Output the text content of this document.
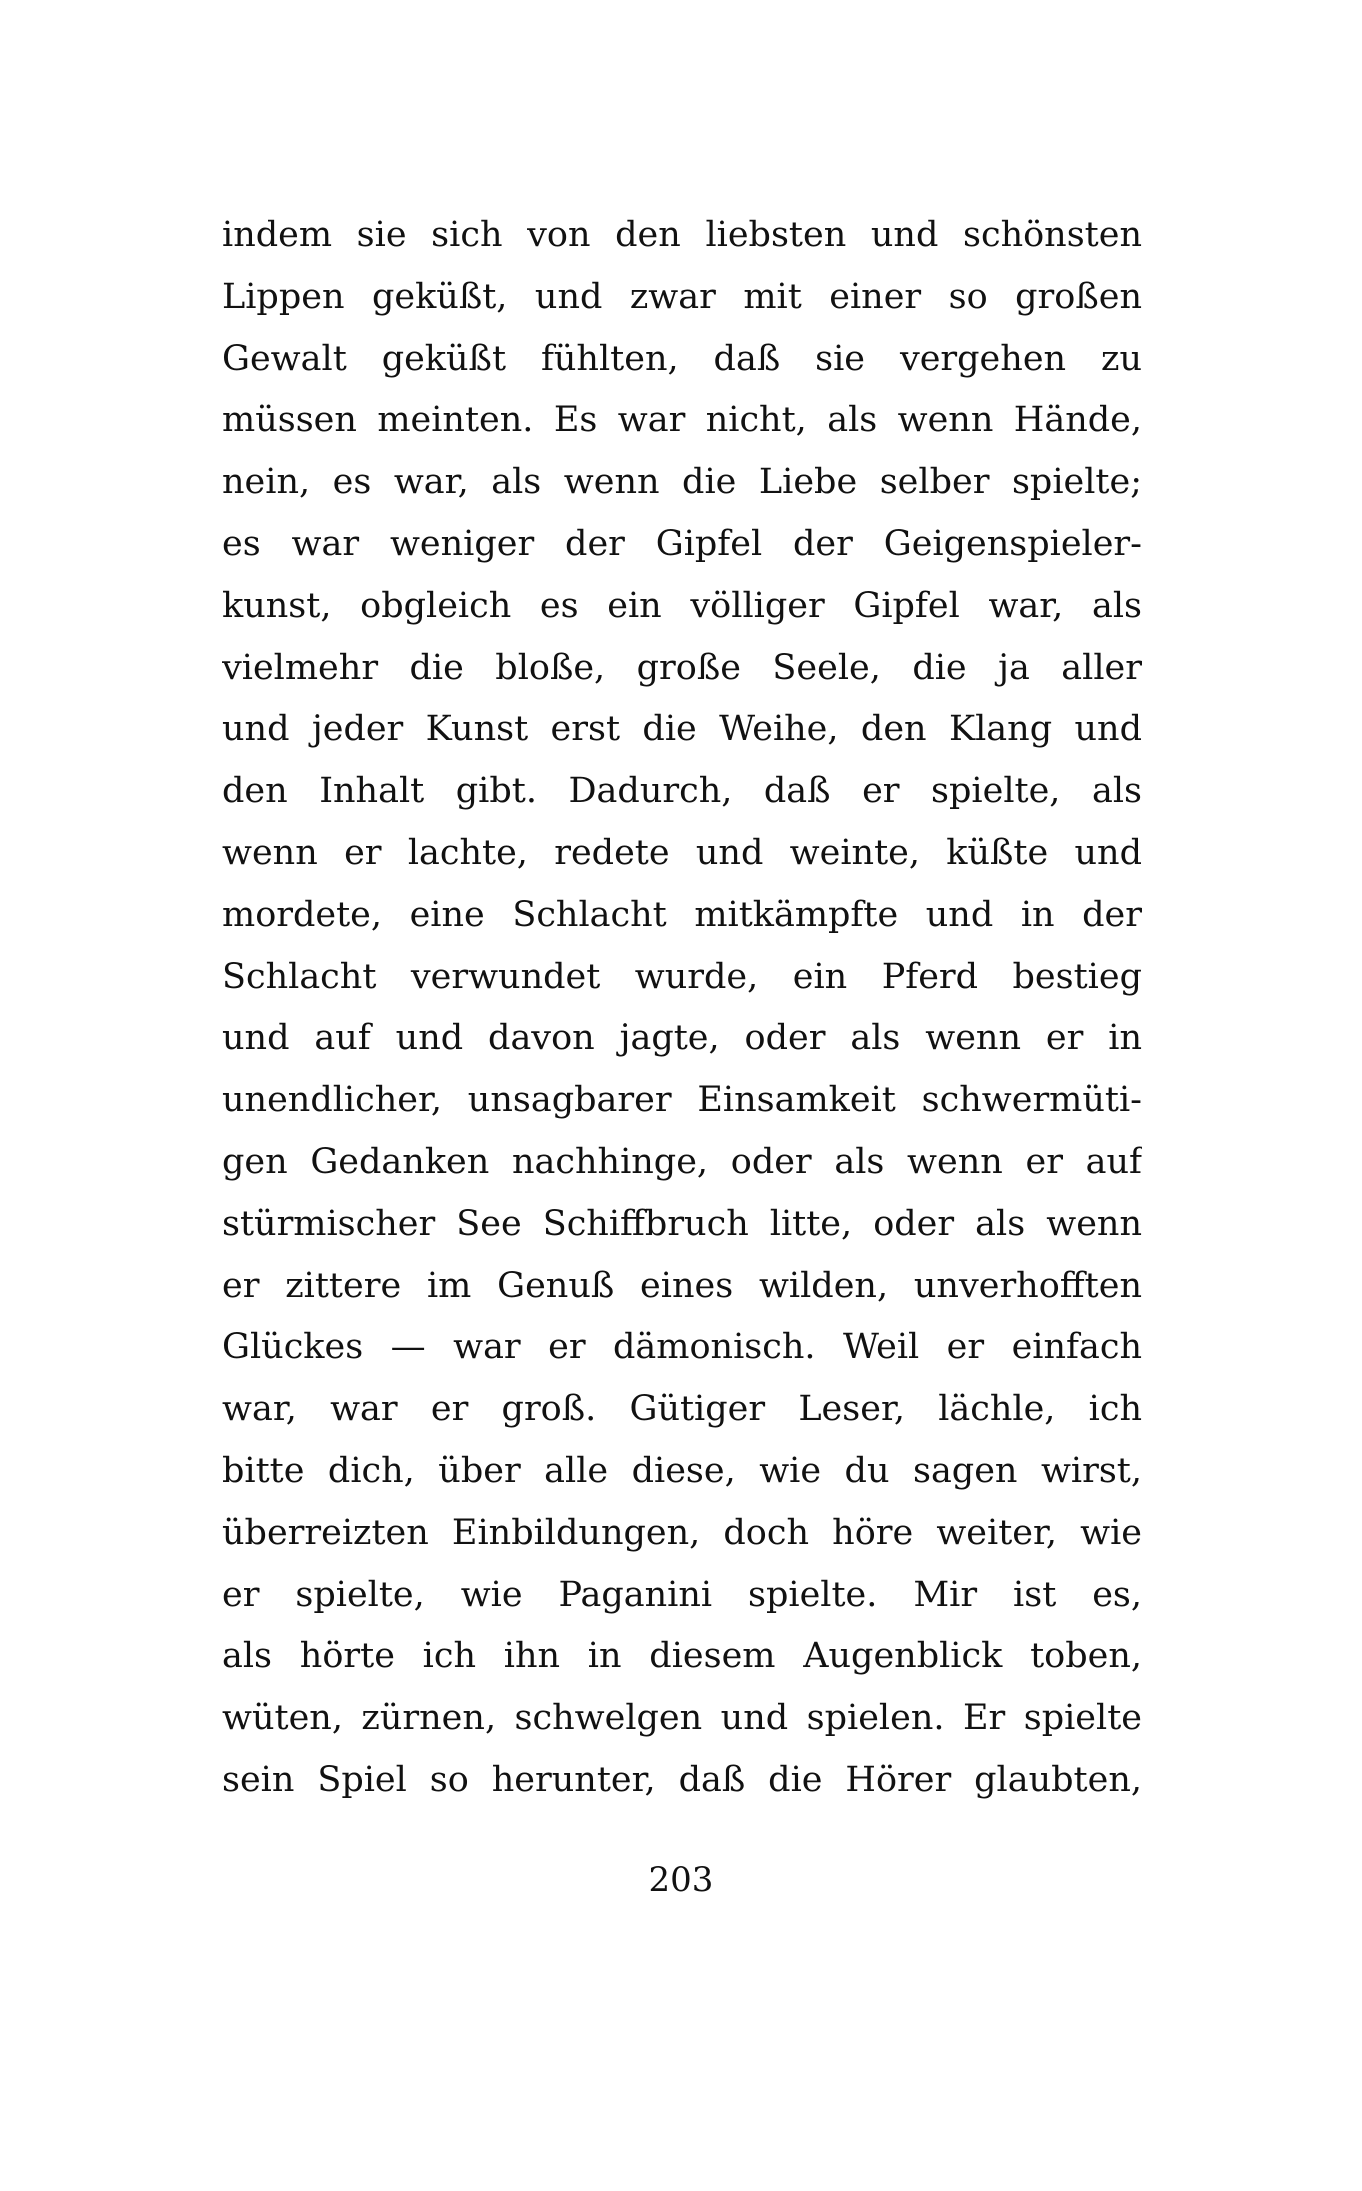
indem sie sich von den liebsten und schönsten
Lippen geküßt, und zwar mit einer so großen
Gewalt geküßt fühlten, daß sie vergehen zu
müssen meinten. Es war nicht, als wenn Hände,
nein, es war, als wenn die Liebe selber spielte;
es war weniger der Gipfel der Geigenspieler-
kunst, obgleich es ein völliger Gipfel war, als
vielmehr die bloße, große Seele, die ja aller
und jeder Kunst erst die Weihe, den Klang und
den Inhalt gibt. Dadurch, daß er spielte, als
wenn er lachte, redete und weinte, küßte und
mordete, eine Schlacht mitkämpfte und in der
Schlacht verwundet wurde, ein Pferd bestieg
und auf und davon jagte, oder als wenn er in
unendlicher, unsagbarer Einsamkeit schwermüti-
gen Gedanken nachhinge, oder als wenn er auf
stürmischer See Schiffbruch litte, oder als wenn
er zittere im Genuß eines wilden, unverhofften
Glückes — war er dämonisch. Weil er einfach
war, war er groß. Gütiger Leser, lächle, ich
bitte dich, über alle diese, wie du sagen wirst,
überreizten Einbildungen, doch höre weiter, wie
er spielte, wie Paganini spielte. Mir ist es,
als hörte ich ihn in diesem Augenblick toben,
wüten, zürnen, schwelgen und spielen. Er spielte
sein Spiel so herunter, daß die Hörer glaubten,
203
